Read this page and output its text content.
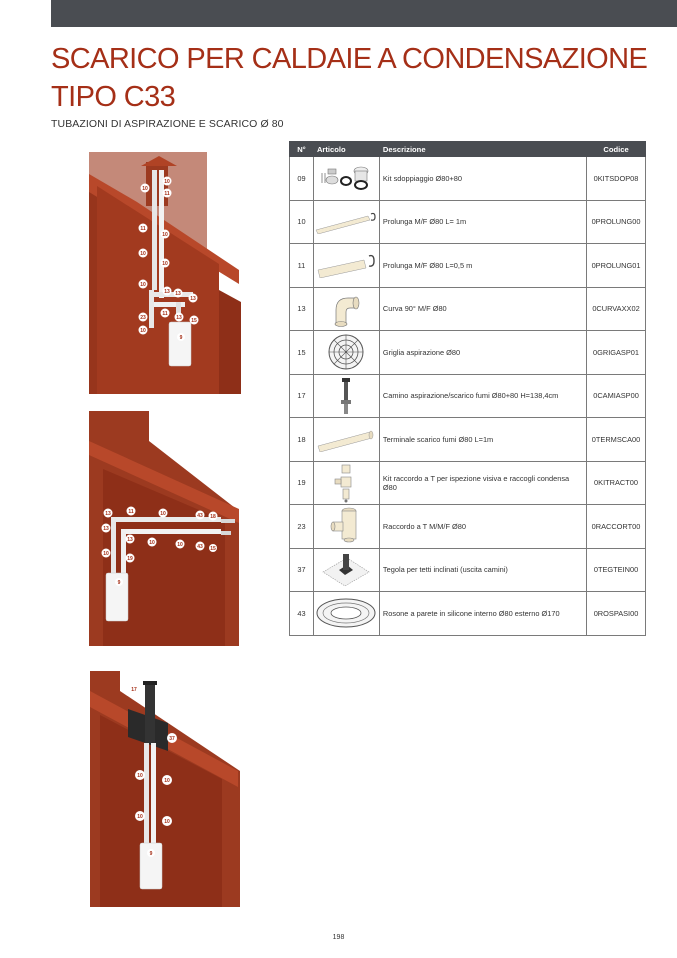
SCARICO PER CALDAIE A CONDENSAZIONE TIPO C33
TUBAZIONI DI ASPIRAZIONE E SCARICO Ø 80
10
10
11
11
10
10
10
10
13 13
13
23
11
13 15
10
9
43 18
13	11	10
13
13	10	10	43 15
10
19
9
17
37
10
10
10
10
9
N°	Articolo	Descrizione	Codice
09		Kit sdoppiaggio Ø80+80	0KITSDOP08
10		Prolunga M/F Ø80 L= 1m	0PROLUNG00
11		Prolunga M/F Ø80 L=0,5 m	0PROLUNG01
13		Curva 90° M/F Ø80	0CURVAXX02
15		Griglia aspirazione Ø80	0GRIGASP01
17		Camino aspirazione/scarico fumi Ø80+80 H=138,4cm	0CAMIASP00
18		Terminale scarico fumi Ø80 L=1m	0TERMSCA00
19		Kit raccordo a T per ispezione visiva e raccogli condensa Ø80	0KITRACT00
23		Raccordo a T M/M/F Ø80	0RACCORT00
37		Tegola per tetti inclinati (uscita camini)	0TEGTEIN00
43		Rosone a parete in silicone interno Ø80 esterno Ø170	0ROSPASI00
198
